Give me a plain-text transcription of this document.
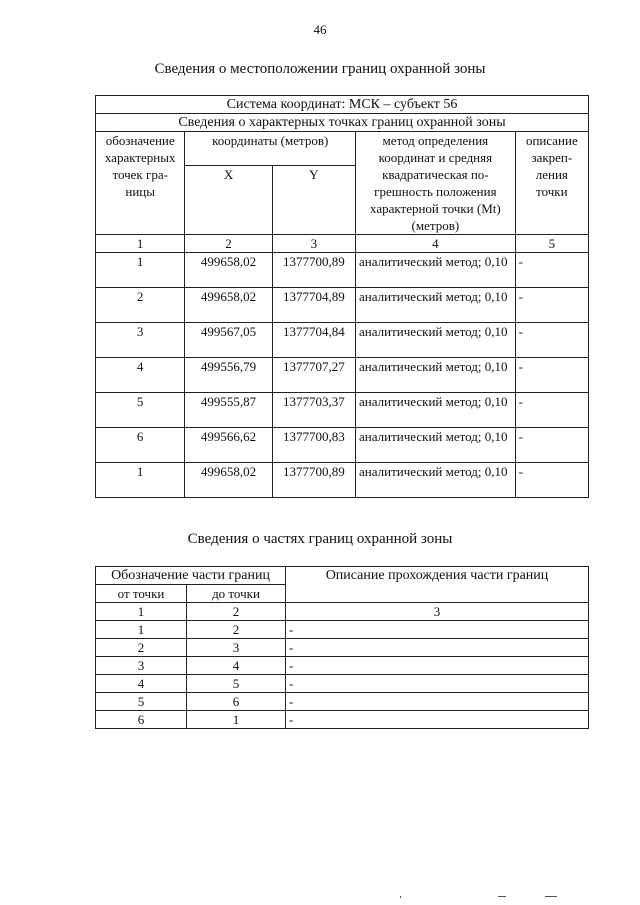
46
Сведения о местоположении границ охранной зоны
Система координат: МСК – субъект 56				
Сведения о характерных точках границ охранной зоны				
обозначение характерных точек гра-ницы	координаты (метров)		метод определения координат и средняя квадратическая по-грешность положения характерной точки (Mt) (метров)	описание закреп-ления точки
	X	Y		
1	2	3	4	5
1	499658,02	1377700,89	аналитический метод; 0,10	-
2	499658,02	1377704,89	аналитический метод; 0,10	-
3	499567,05	1377704,84	аналитический метод; 0,10	-
4	499556,79	1377707,27	аналитический метод; 0,10	-
5	499555,87	1377703,37	аналитический метод; 0,10	-
6	499566,62	1377700,83	аналитический метод; 0,10	-
1	499658,02	1377700,89	аналитический метод; 0,10	-
Сведения о частях границ охранной зоны
Обозначение части границ		Описание прохождения части границ
от точки	до точки	
1	2	3
1	2	-
2	3	-
3	4	-
4	5	-
5	6	-
6	1	-
